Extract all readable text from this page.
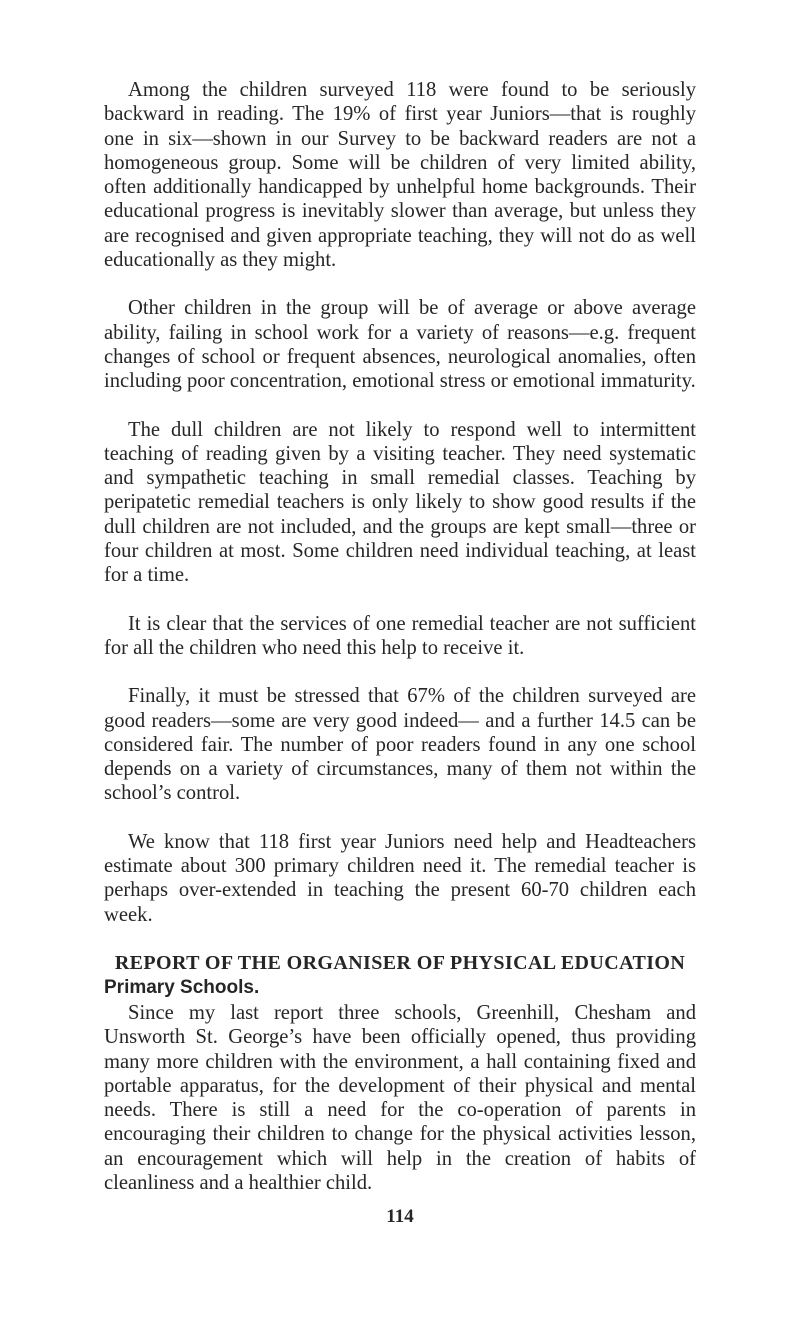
Among the children surveyed 118 were found to be seriously backward in reading. The 19% of first year Juniors—that is roughly one in six—shown in our Survey to be backward readers are not a homogeneous group. Some will be children of very limited ability, often additionally handicapped by unhelpful home backgrounds. Their educational progress is inevitably slower than average, but unless they are recognised and given appropriate teaching, they will not do as well educationally as they might.

Other children in the group will be of average or above average ability, failing in school work for a variety of reasons—e.g. frequent changes of school or frequent absences, neurological anomalies, often including poor concentration, emotional stress or emotional immaturity.

The dull children are not likely to respond well to intermittent teaching of reading given by a visiting teacher. They need systematic and sympathetic teaching in small remedial classes. Teaching by peripatetic remedial teachers is only likely to show good results if the dull children are not included, and the groups are kept small—three or four children at most. Some children need individual teaching, at least for a time.

It is clear that the services of one remedial teacher are not sufficient for all the children who need this help to receive it.

Finally, it must be stressed that 67% of the children surveyed are good readers—some are very good indeed— and a further 14.5 can be considered fair. The number of poor readers found in any one school depends on a variety of circumstances, many of them not within the school’s control.

We know that 118 first year Juniors need help and Headteachers estimate about 300 primary children need it. The remedial teacher is perhaps over-extended in teaching the present 60-70 children each week.

REPORT OF THE ORGANISER OF PHYSICAL EDUCATION
Primary Schools.

Since my last report three schools, Greenhill, Chesham and Unsworth St. George’s have been officially opened, thus providing many more children with the environment, a hall containing fixed and portable apparatus, for the development of their physical and mental needs. There is still a need for the co-operation of parents in encouraging their children to change for the physical activities lesson, an encouragement which will help in the creation of habits of cleanliness and a healthier child.

114
